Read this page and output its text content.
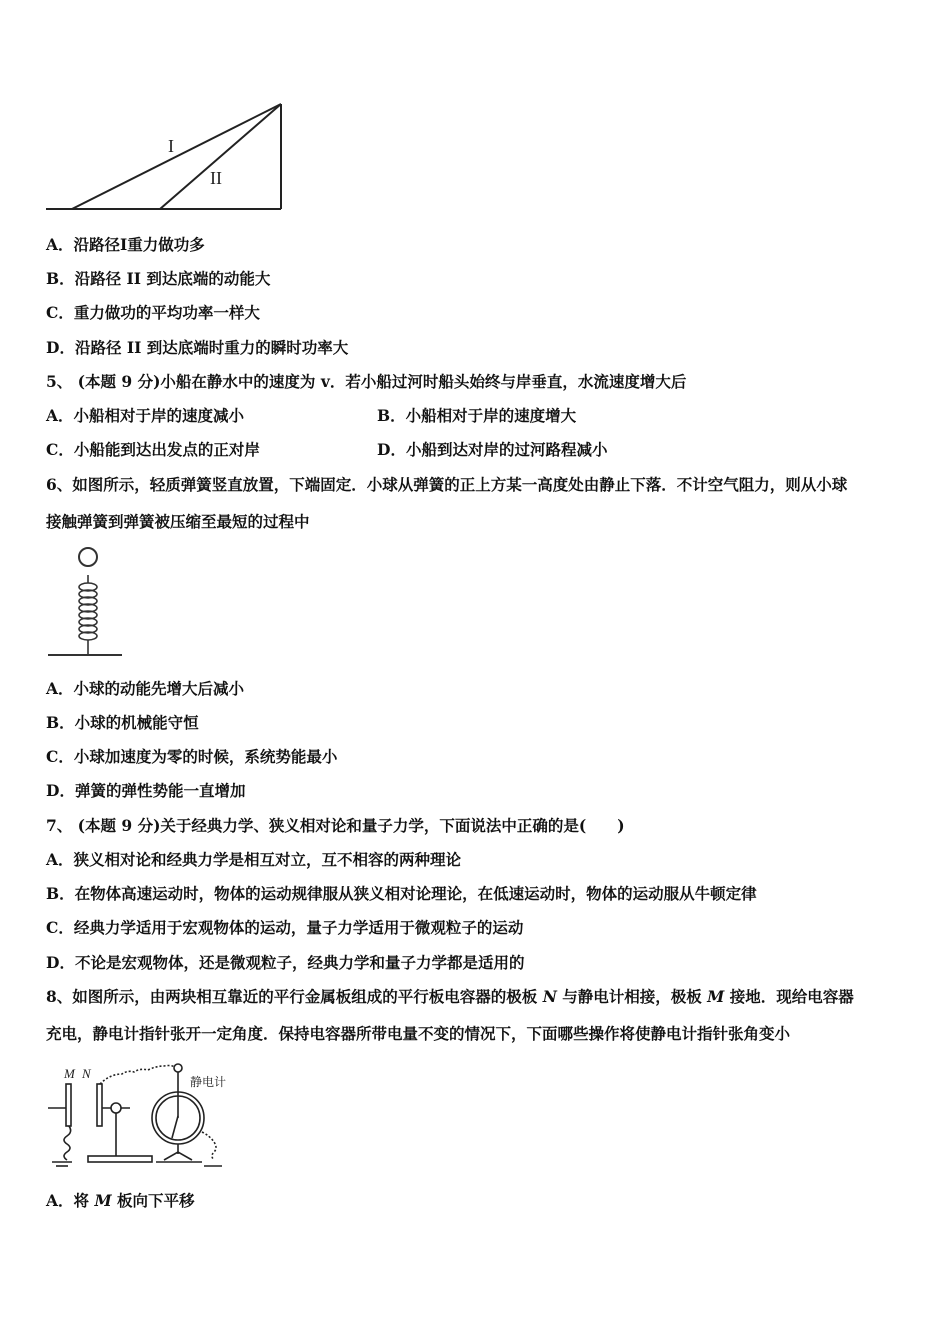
I
II
A．沿路径Ⅰ重力做功多
B．沿路径 II 到达底端的动能大
C．重力做功的平均功率一样大
D．沿路径 II 到达底端时重力的瞬时功率大
5、 (本题 9 分)小船在静水中的速度为 v．若小船过河时船头始终与岸垂直，水流速度增大后
A．小船相对于岸的速度减小	B．小船相对于岸的速度增大
C．小船能到达出发点的正对岸	D．小船到达对岸的过河路程减小
6、如图所示，轻质弹簧竖直放置，下端固定．小球从弹簧的正上方某一高度处由静止下落．不计空气阻力，则从小球
接触弹簧到弹簧被压缩至最短的过程中
A．小球的动能先增大后减小
B．小球的机械能守恒
C．小球加速度为零的时候，系统势能最小
D．弹簧的弹性势能一直增加
7、 (本题 9 分)关于经典力学、狭义相对论和量子力学，下面说法中正确的是(　　)
A．狭义相对论和经典力学是相互对立，互不相容的两种理论
B．在物体高速运动时，物体的运动规律服从狭义相对论理论，在低速运动时，物体的运动服从牛顿定律
C．经典力学适用于宏观物体的运动，量子力学适用于微观粒子的运动
D．不论是宏观物体，还是微观粒子，经典力学和量子力学都是适用的
8、如图所示，由两块相互靠近的平行金属板组成的平行板电容器的极板 N 与静电计相接，极板 M 接地．现给电容器
充电，静电计指针张开一定角度．保持电容器所带电量不变的情况下，下面哪些操作将使静电计指针张角变小
M N
静电计
A．将 M 板向下平移
